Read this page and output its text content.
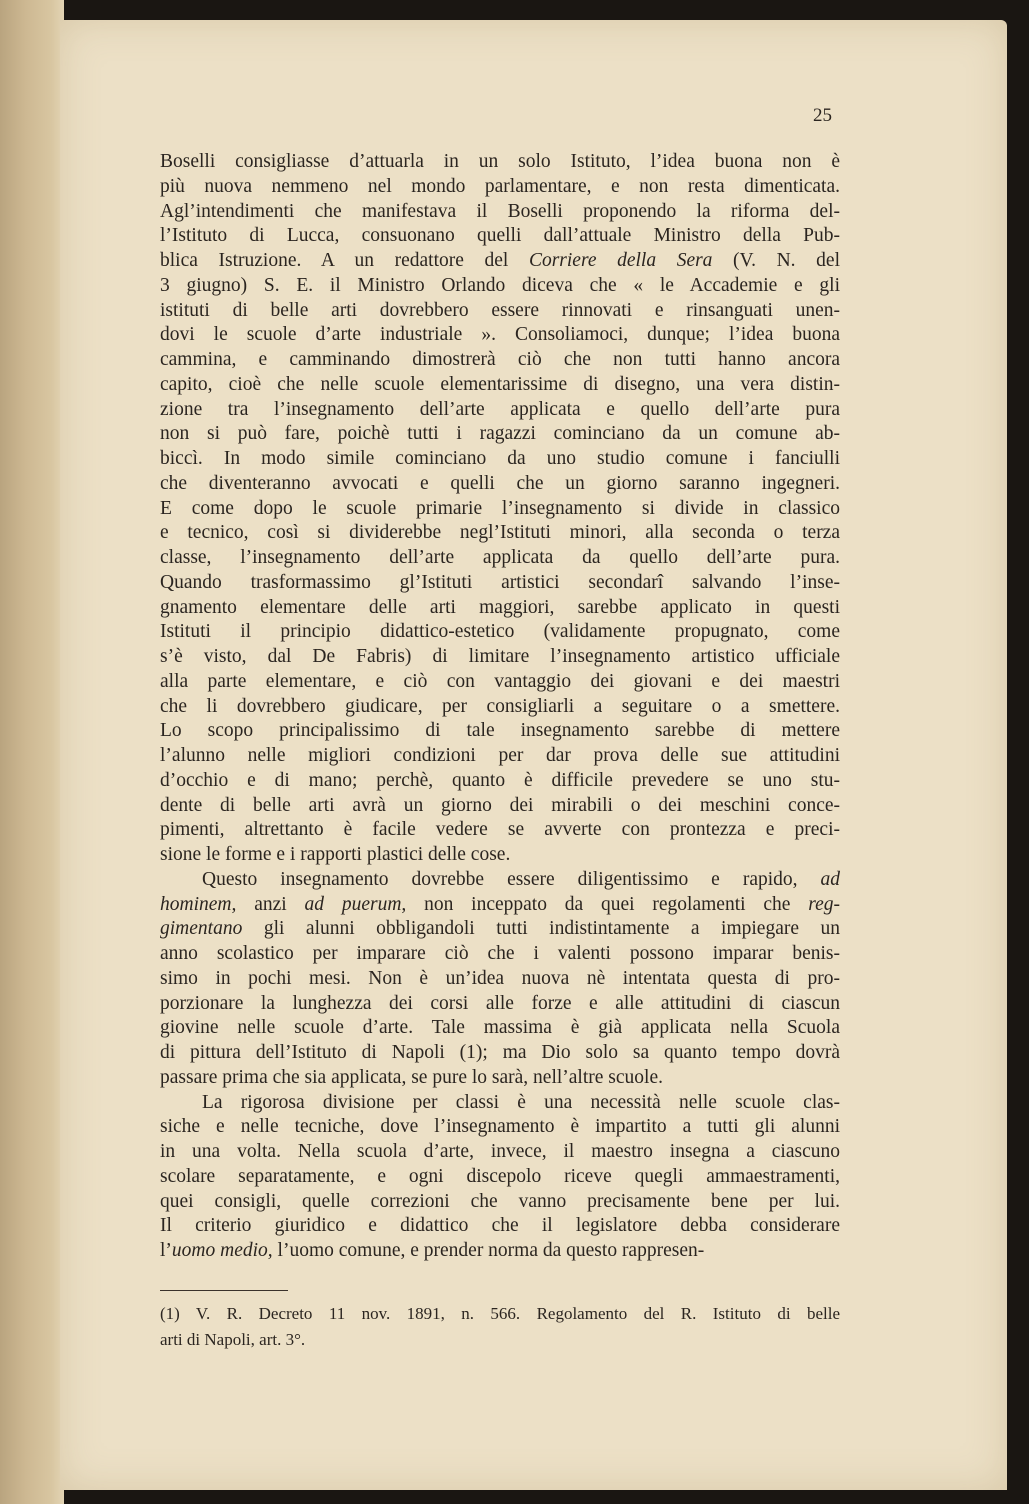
25
Boselli consigliasse d’attuarla in un solo Istituto, l’idea buona non è
più nuova nemmeno nel mondo parlamentare, e non resta dimenticata.
Agl’intendimenti che manifestava il Boselli proponendo la riforma del-
l’Istituto di Lucca, consuonano quelli dall’attuale Ministro della Pub-
blica Istruzione. A un redattore del Corriere della Sera (V. N. del
3 giugno) S. E. il Ministro Orlando diceva che « le Accademie e gli
istituti di belle arti dovrebbero essere rinnovati e rinsanguati unen-
dovi le scuole d’arte industriale ». Consoliamoci, dunque; l’idea buona
cammina, e camminando dimostrerà ciò che non tutti hanno ancora
capito, cioè che nelle scuole elementarissime di disegno, una vera distin-
zione tra l’insegnamento dell’arte applicata e quello dell’arte pura
non si può fare, poichè tutti i ragazzi cominciano da un comune ab-
biccì. In modo simile cominciano da uno studio comune i fanciulli
che diventeranno avvocati e quelli che un giorno saranno ingegneri.
E come dopo le scuole primarie l’insegnamento si divide in classico
e tecnico, così si dividerebbe negl’Istituti minori, alla seconda o terza
classe, l’insegnamento dell’arte applicata da quello dell’arte pura.
Quando trasformassimo gl’Istituti artistici secondarî salvando l’inse-
gnamento elementare delle arti maggiori, sarebbe applicato in questi
Istituti il principio didattico-estetico (validamente propugnato, come
s’è visto, dal De Fabris) di limitare l’insegnamento artistico ufficiale
alla parte elementare, e ciò con vantaggio dei giovani e dei maestri
che li dovrebbero giudicare, per consigliarli a seguitare o a smettere.
Lo scopo principalissimo di tale insegnamento sarebbe di mettere
l’alunno nelle migliori condizioni per dar prova delle sue attitudini
d’occhio e di mano; perchè, quanto è difficile prevedere se uno stu-
dente di belle arti avrà un giorno dei mirabili o dei meschini conce-
pimenti, altrettanto è facile vedere se avverte con prontezza e preci-
sione le forme e i rapporti plastici delle cose.
Questo insegnamento dovrebbe essere diligentissimo e rapido, ad
hominem, anzi ad puerum, non inceppato da quei regolamenti che reg-
gimentano gli alunni obbligandoli tutti indistintamente a impiegare un
anno scolastico per imparare ciò che i valenti possono imparar benis-
simo in pochi mesi. Non è un’idea nuova nè intentata questa di pro-
porzionare la lunghezza dei corsi alle forze e alle attitudini di ciascun
giovine nelle scuole d’arte. Tale massima è già applicata nella Scuola
di pittura dell’Istituto di Napoli (1); ma Dio solo sa quanto tempo dovrà
passare prima che sia applicata, se pure lo sarà, nell’altre scuole.
La rigorosa divisione per classi è una necessità nelle scuole clas-
siche e nelle tecniche, dove l’insegnamento è impartito a tutti gli alunni
in una volta. Nella scuola d’arte, invece, il maestro insegna a ciascuno
scolare separatamente, e ogni discepolo riceve quegli ammaestramenti,
quei consigli, quelle correzioni che vanno precisamente bene per lui.
Il criterio giuridico e didattico che il legislatore debba considerare
l’uomo medio, l’uomo comune, e prender norma da questo rappresen-
(1) V. R. Decreto 11 nov. 1891, n. 566. Regolamento del R. Istituto di belle
arti di Napoli, art. 3°.
